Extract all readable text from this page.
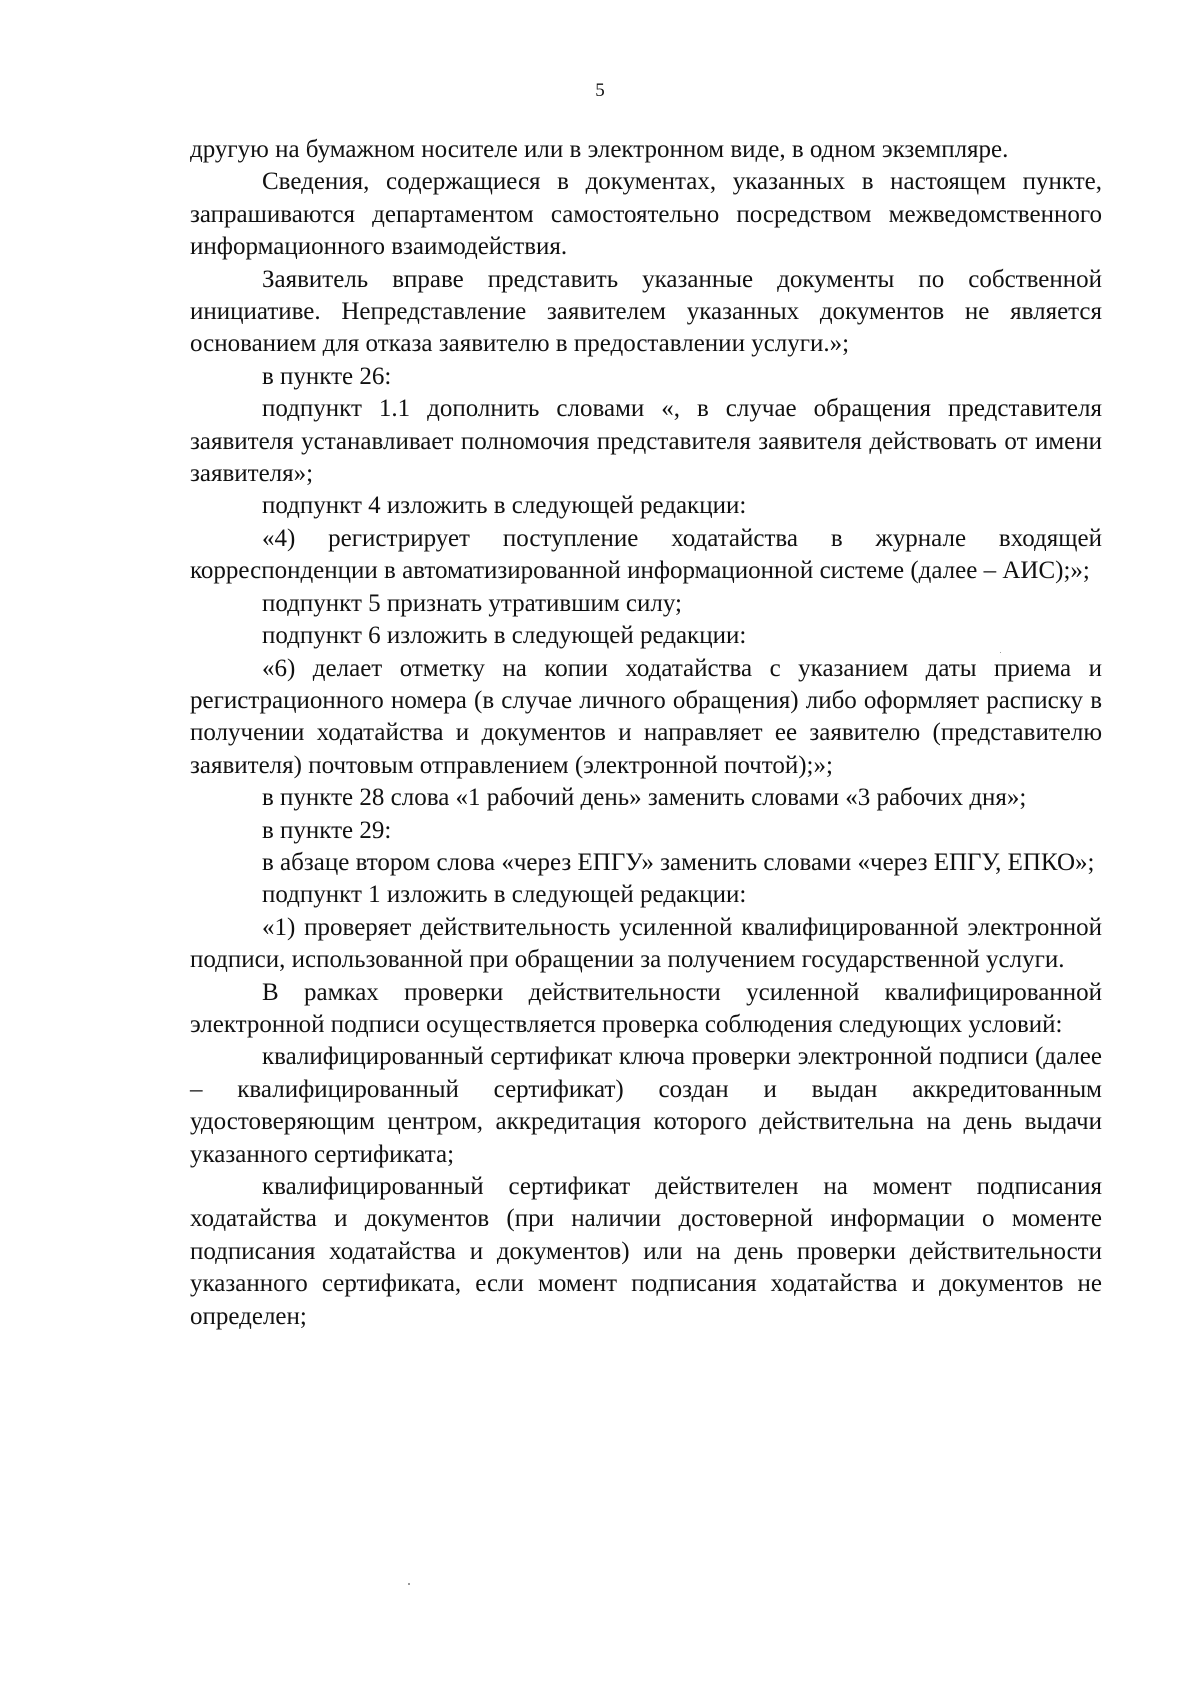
5

другую на бумажном носителе или в электронном виде, в одном экземпляре.

Сведения, содержащиеся в документах, указанных в настоящем пункте, запрашиваются департаментом самостоятельно посредством межведомственного информационного взаимодействия.

Заявитель вправе представить указанные документы по собственной инициативе. Непредставление заявителем указанных документов не является основанием для отказа заявителю в предоставлении услуги.»;

в пункте 26:

подпункт 1.1 дополнить словами «, в случае обращения представителя заявителя устанавливает полномочия представителя заявителя действовать от имени заявителя»;

подпункт 4 изложить в следующей редакции:

«4) регистрирует поступление ходатайства в журнале входящей корреспонденции в автоматизированной информационной системе (далее – АИС);»;

подпункт 5 признать утратившим силу;

подпункт 6 изложить в следующей редакции:

«6) делает отметку на копии ходатайства с указанием даты приема и регистрационного номера (в случае личного обращения) либо оформляет расписку в получении ходатайства и документов и направляет ее заявителю (представителю заявителя) почтовым отправлением (электронной почтой);»;

в пункте 28 слова «1 рабочий день» заменить словами «3 рабочих дня»;

в пункте 29:

в абзаце втором слова «через ЕПГУ» заменить словами «через ЕПГУ, ЕПКО»;

подпункт 1 изложить в следующей редакции:

«1) проверяет действительность усиленной квалифицированной электронной подписи, использованной при обращении за получением государственной услуги.

В рамках проверки действительности усиленной квалифицированной электронной подписи осуществляется проверка соблюдения следующих условий:

квалифицированный сертификат ключа проверки электронной подписи (далее – квалифицированный сертификат) создан и выдан аккредитованным удостоверяющим центром, аккредитация которого действительна на день выдачи указанного сертификата;

квалифицированный сертификат действителен на момент подписания ходатайства и документов (при наличии достоверной информации о моменте подписания ходатайства и документов) или на день проверки действительности указанного сертификата, если момент подписания ходатайства и документов не определен;
